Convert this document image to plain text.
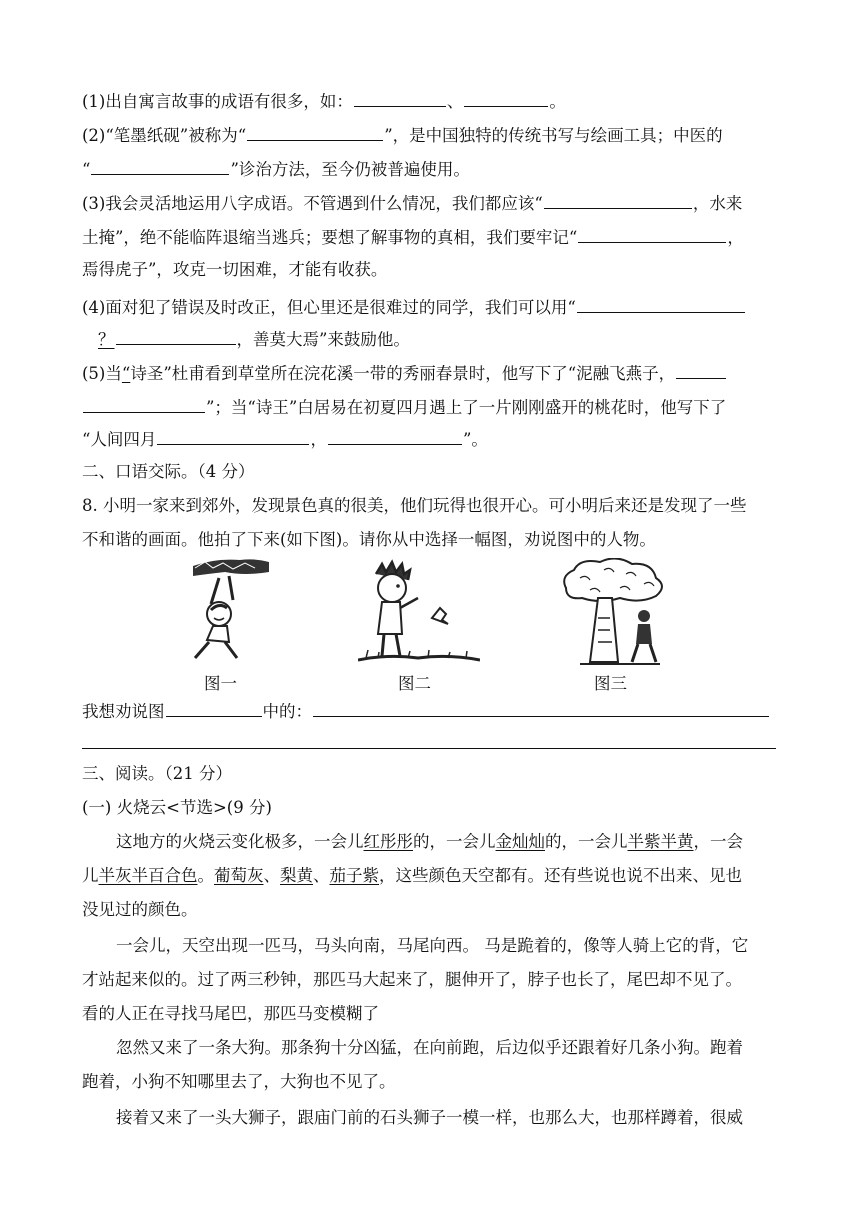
(1)出自寓言故事的成语有很多，如：	、	。
(2)“笔墨纸砚”被称为“	”，是中国独特的传统书写与绘画工具；中医的
“	”诊治方法，至今仍被普遍使用。
(3)我会灵活地运用八字成语。不管遇到什么情况，我们都应该“	，水来
土掩”，绝不能临阵退缩当逃兵；要想了解事物的真相，我们要牢记“	，
焉得虎子”，攻克一切困难，才能有收获。
(4)面对犯了错误及时改正，但心里还是很难过的同学，我们可以用“
？	，善莫大焉”来鼓励他。
(5)当“诗圣”杜甫看到草堂所在浣花溪一带的秀丽春景时，他写下了“泥融飞燕子，
”；当“诗王”白居易在初夏四月遇上了一片刚刚盛开的桃花时，他写下了
“人间四月	，	”。
二、口语交际。（4 分）
8. 小明一家来到郊外，发现景色真的很美，他们玩得也很开心。可小明后来还是发现了一些
不和谐的画面。他拍了下来(如下图)。请你从中选择一幅图，劝说图中的人物。
图一	图二	图三
我想劝说图	中的：
三、阅读。（21 分）
(一) 火烧云<节选>(9 分)
这地方的火烧云变化极多，一会儿红彤彤的，一会儿金灿灿的，一会儿半紫半黄，一会
儿半灰半百合色。葡萄灰、梨黄、茄子紫，这些颜色天空都有。还有些说也说不出来、见也
没见过的颜色。
一会儿，天空出现一匹马，马头向南，马尾向西。 马是跪着的，像等人骑上它的背，它
才站起来似的。过了两三秒钟，那匹马大起来了，腿伸开了，脖子也长了，尾巴却不见了。
看的人正在寻找马尾巴，那匹马变模糊了
忽然又来了一条大狗。那条狗十分凶猛，在向前跑，后边似乎还跟着好几条小狗。跑着
跑着，小狗不知哪里去了，大狗也不见了。
接着又来了一头大狮子，跟庙门前的石头狮子一模一样，也那么大，也那样蹲着，很威
